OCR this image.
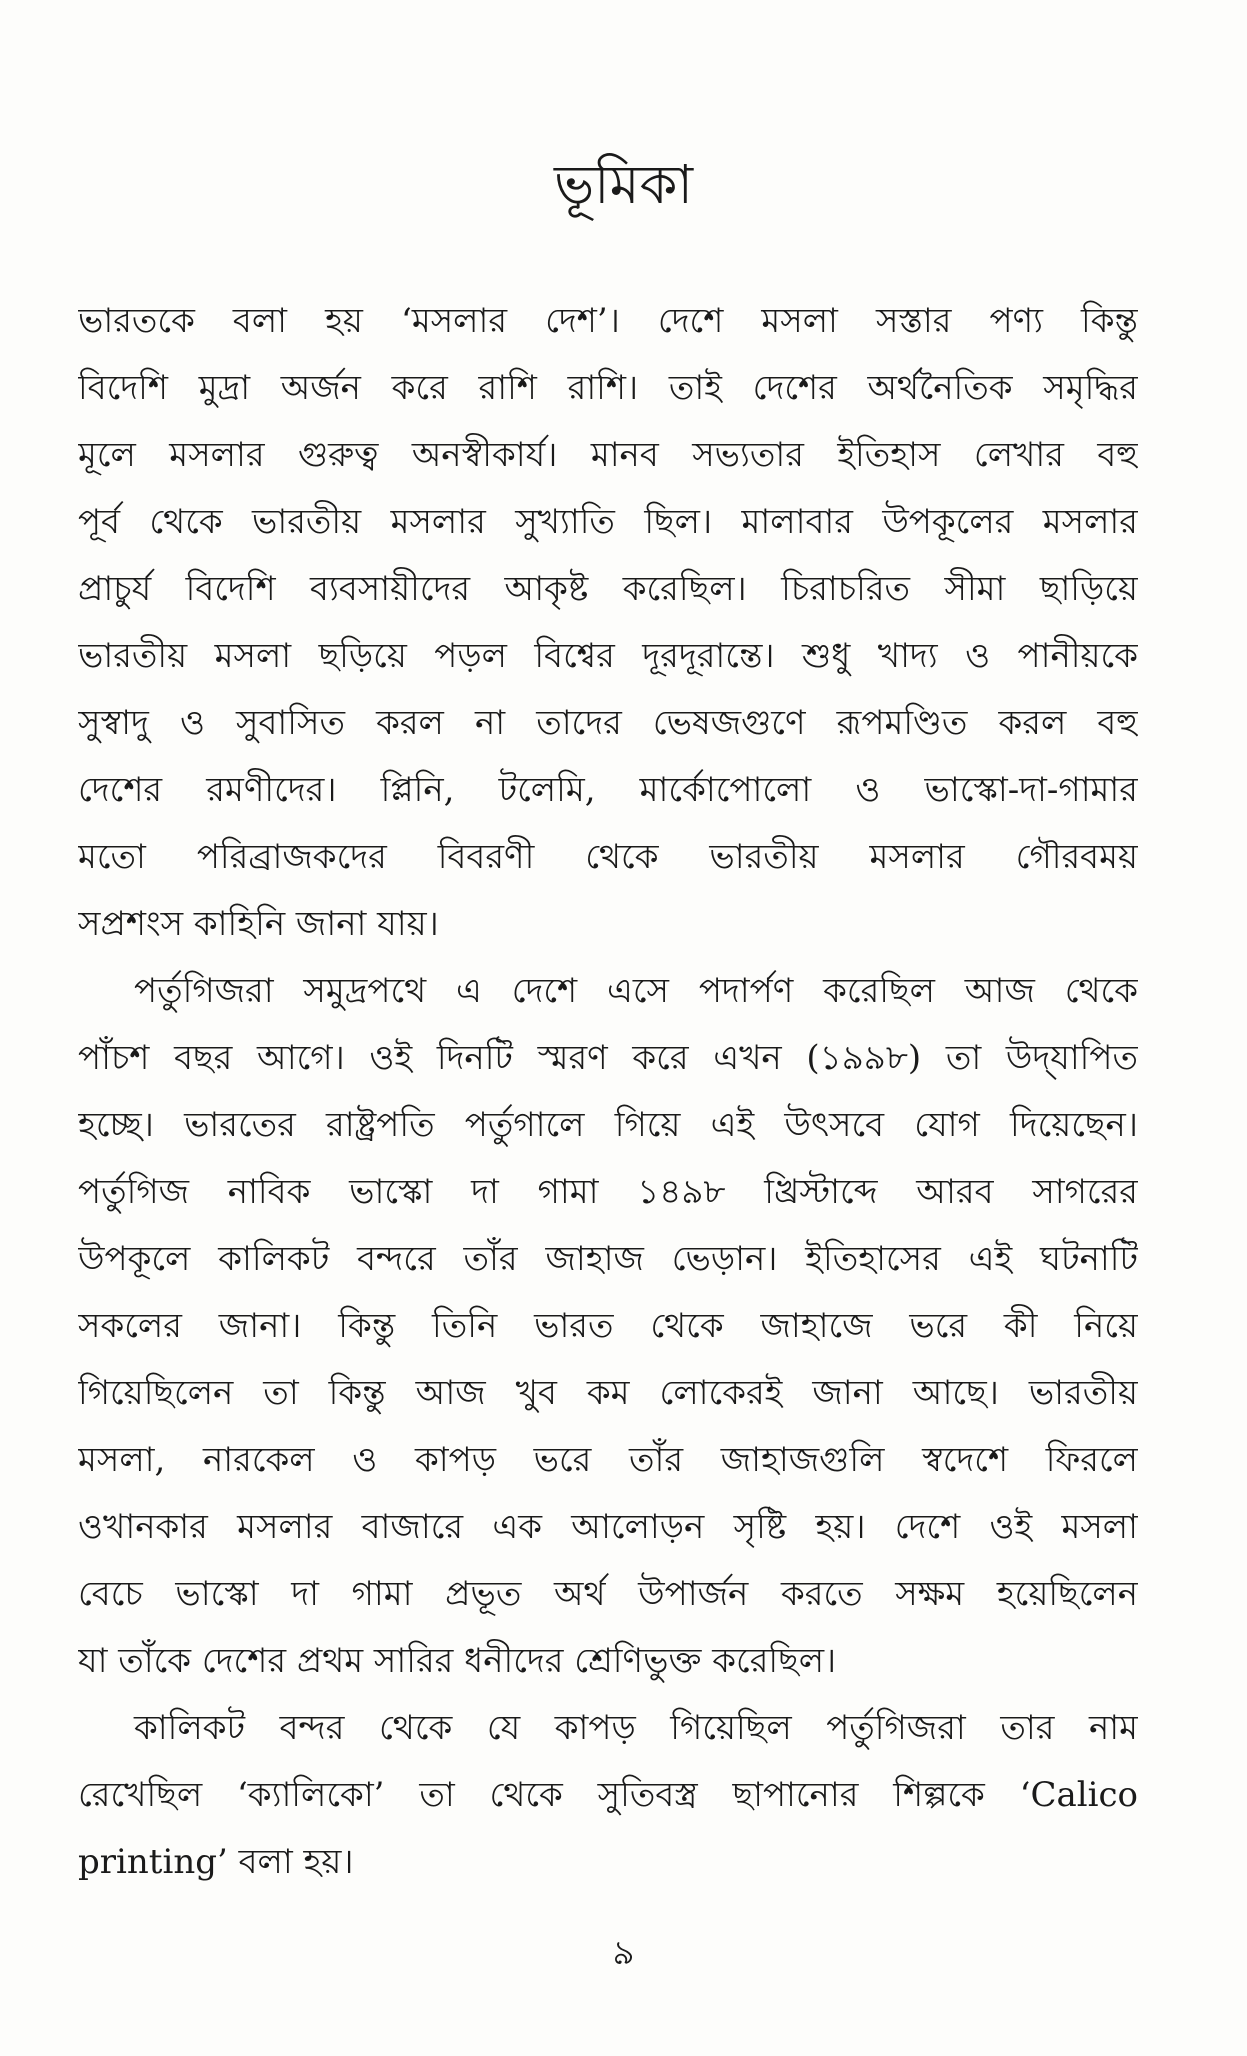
ভূমিকা
ভারতকে বলা হয় ‘মসলার দেশ’। দেশে মসলা সস্তার পণ্য কিন্তু
বিদেশি মুদ্রা অর্জন করে রাশি রাশি। তাই দেশের অর্থনৈতিক সমৃদ্ধির
মূলে মসলার গুরুত্ব অনস্বীকার্য। মানব সভ্যতার ইতিহাস লেখার বহু
পূর্ব থেকে ভারতীয় মসলার সুখ্যাতি ছিল। মালাবার উপকূলের মসলার
প্রাচুর্য বিদেশি ব্যবসায়ীদের আকৃষ্ট করেছিল। চিরাচরিত সীমা ছাড়িয়ে
ভারতীয় মসলা ছড়িয়ে পড়ল বিশ্বের দূরদূরান্তে। শুধু খাদ্য ও পানীয়কে
সুস্বাদু ও সুবাসিত করল না তাদের ভেষজগুণে রূপমণ্ডিত করল বহু
দেশের রমণীদের। প্লিনি, টলেমি, মার্কোপোলো ও ভাস্কো-দা-গামার
মতো পরিব্রাজকদের বিবরণী থেকে ভারতীয় মসলার গৌরবময়
সপ্রশংস কাহিনি জানা যায়।
পর্তুগিজরা সমুদ্রপথে এ দেশে এসে পদার্পণ করেছিল আজ থেকে
পাঁচশ বছর আগে। ওই দিনটি স্মরণ করে এখন (১৯৯৮) তা উদ্‌যাপিত
হচ্ছে। ভারতের রাষ্ট্রপতি পর্তুগালে গিয়ে এই উৎসবে যোগ দিয়েছেন।
পর্তুগিজ নাবিক ভাস্কো দা গামা ১৪৯৮ খ্রিস্টাব্দে আরব সাগরের
উপকূলে কালিকট বন্দরে তাঁর জাহাজ ভেড়ান। ইতিহাসের এই ঘটনাটি
সকলের জানা। কিন্তু তিনি ভারত থেকে জাহাজে ভরে কী নিয়ে
গিয়েছিলেন তা কিন্তু আজ খুব কম লোকেরই জানা আছে। ভারতীয়
মসলা, নারকেল ও কাপড় ভরে তাঁর জাহাজগুলি স্বদেশে ফিরলে
ওখানকার মসলার বাজারে এক আলোড়ন সৃষ্টি হয়। দেশে ওই মসলা
বেচে ভাস্কো দা গামা প্রভূত অর্থ উপার্জন করতে সক্ষম হয়েছিলেন
যা তাঁকে দেশের প্রথম সারির ধনীদের শ্রেণিভুক্ত করেছিল।
কালিকট বন্দর থেকে যে কাপড় গিয়েছিল পর্তুগিজরা তার নাম
রেখেছিল ‘ক্যালিকো’ তা থেকে সুতিবস্ত্র ছাপানোর শিল্পকে ‘Calico
printing’ বলা হয়।
৯
